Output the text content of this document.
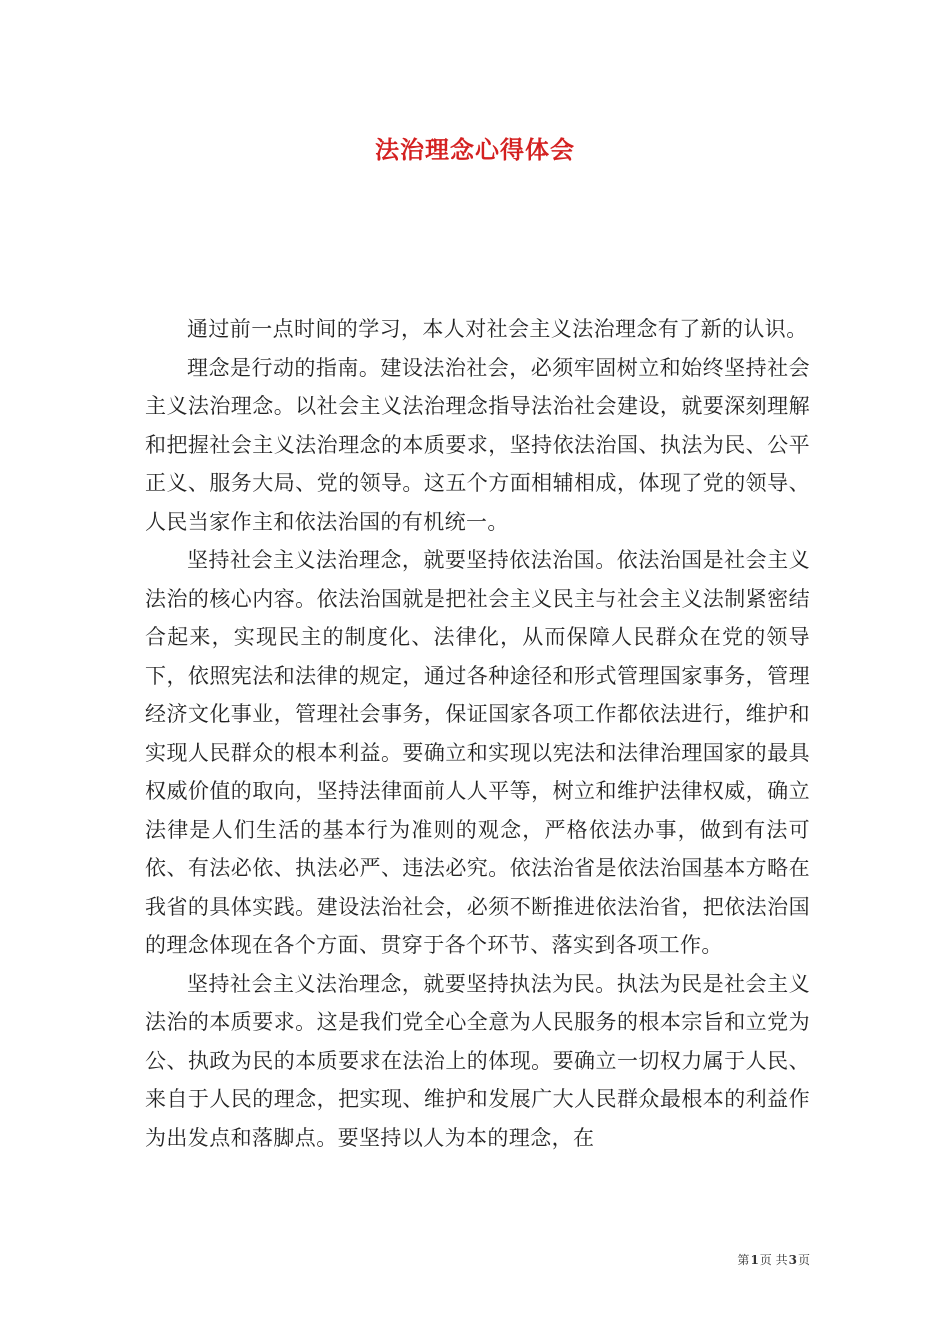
法治理念心得体会

通过前一点时间的学习，本人对社会主义法治理念有了新的认识。

理念是行动的指南。建设法治社会，必须牢固树立和始终坚持社会主义法治理念。以社会主义法治理念指导法治社会建设，就要深刻理解和把握社会主义法治理念的本质要求，坚持依法治国、执法为民、公平正义、服务大局、党的领导。这五个方面相辅相成，体现了党的领导、人民当家作主和依法治国的有机统一。

坚持社会主义法治理念，就要坚持依法治国。依法治国是社会主义法治的核心内容。依法治国就是把社会主义民主与社会主义法制紧密结合起来，实现民主的制度化、法律化，从而保障人民群众在党的领导下，依照宪法和法律的规定，通过各种途径和形式管理国家事务，管理经济文化事业，管理社会事务，保证国家各项工作都依法进行，维护和实现人民群众的根本利益。要确立和实现以宪法和法律治理国家的最具权威价值的取向，坚持法律面前人人平等，树立和维护法律权威，确立法律是人们生活的基本行为准则的观念，严格依法办事，做到有法可依、有法必依、执法必严、违法必究。依法治省是依法治国基本方略在我省的具体实践。建设法治社会，必须不断推进依法治省，把依法治国的理念体现在各个方面、贯穿于各个环节、落实到各项工作。

坚持社会主义法治理念，就要坚持执法为民。执法为民是社会主义法治的本质要求。这是我们党全心全意为人民服务的根本宗旨和立党为公、执政为民的本质要求在法治上的体现。要确立一切权力属于人民、来自于人民的理念，把实现、维护和发展广大人民群众最根本的利益作为出发点和落脚点。要坚持以人为本的理念，在

第1页 共3页
